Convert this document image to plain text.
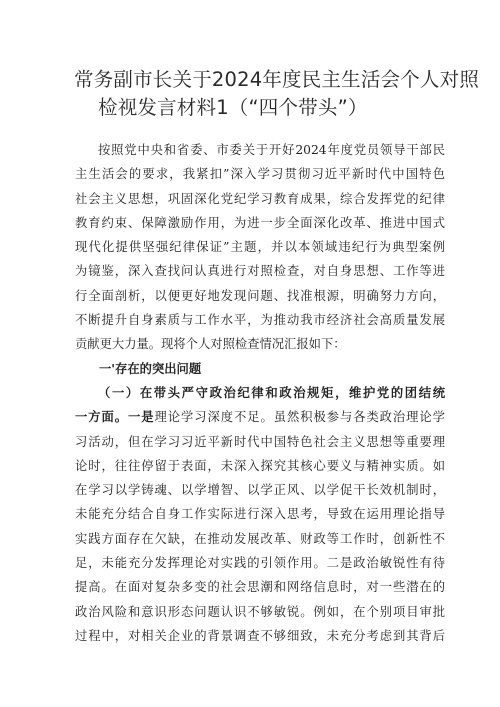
常务副市长关于2024年度民主生活会个人对照
检视发言材料1（“四个带头”）
按照党中央和省委、市委关于开好2024年度党员领导干部民
主生活会的要求，我紧扣”深入学习贯彻习近平新时代中国特色
社会主义思想，巩固深化党纪学习教育成果，综合发挥党的纪律
教育约束、保障激励作用，为进一步全面深化改革、推进中国式
现代化提供坚强纪律保证”主题，并以本领域违纪行为典型案例
为镜鉴，深入查找问认真进行对照检查，对自身思想、工作等进
行全面剖析，以便更好地发现问题、找准根源，明确努力方向，
不断提升自身素质与工作水平，为推动我市经济社会高质量发展
贡献更大力量。现将个人对照检查情况汇报如下：
一'存在的突出问题
（一）在带头严守政治纪律和政治规矩，维护党的团结统
一方面。一是理论学习深度不足。虽然积极参与各类政治理论学
习活动，但在学习习近平新时代中国特色社会主义思想等重要理
论时，往往停留于表面，未深入探究其核心要义与精神实质。如
在学习以学铸魂、以学增智、以学正风、以学促干长效机制时，
未能充分结合自身工作实际进行深入思考，导致在运用理论指导
实践方面存在欠缺，在推动发展改革、财政等工作时，创新性不
足，未能充分发挥理论对实践的引领作用。二是政治敏锐性有待
提高。在面对复杂多变的社会思潮和网络信息时，对一些潜在的
政治风险和意识形态问题认识不够敏锐。例如，在个别项目审批
过程中，对相关企业的背景调查不够细致，未充分考虑到其背后
